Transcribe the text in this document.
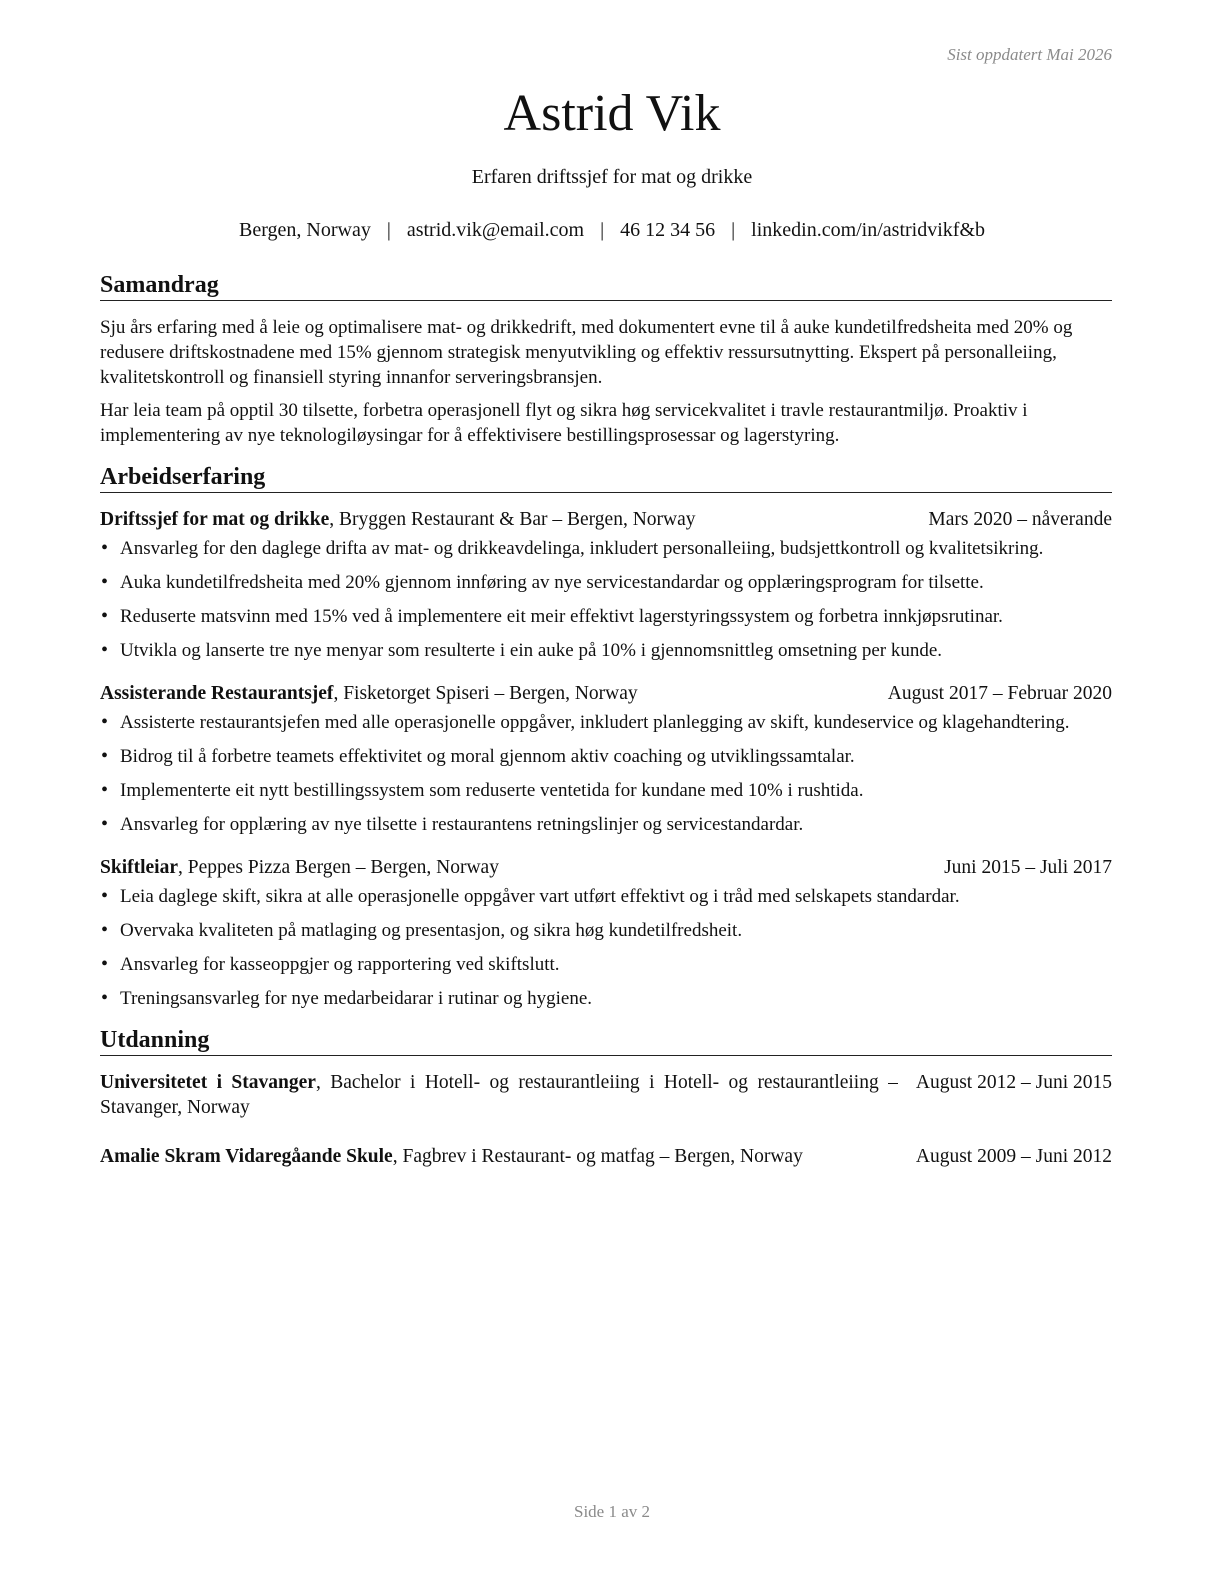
Sist oppdatert Mai 2026
Astrid Vik
Erfaren driftssjef for mat og drikke
Bergen, Norway | astrid.vik@email.com | 46 12 34 56 | linkedin.com/in/astridvikf&b
Samandrag

Sju års erfaring med å leie og optimalisere mat- og drikkedrift, med dokumentert evne til å auke kundetilfredsheita med 20% og redusere driftskostnadene med 15% gjennom strategisk menyutvikling og effektiv ressursutnytting. Ekspert på personalleiing, kvalitetskontroll og finansiell styring innanfor serveringsbransjen.

Har leia team på opptil 30 tilsette, forbetra operasjonell flyt og sikra høg servicekvalitet i travle restaurantmiljø. Proaktiv i implementering av nye teknologiløysingar for å effektivisere bestillingsprosessar og lagerstyring.

Arbeidserfaring
Driftssjef for mat og drikke, Bryggen Restaurant & Bar – Bergen, Norway	Mars 2020 – nåverande
• Ansvarleg for den daglege drifta av mat- og drikkeavdelinga, inkludert personalleiing, budsjettkontroll og kvalitetsikring.
• Auka kundetilfredsheita med 20% gjennom innføring av nye servicestandardar og opplæringsprogram for tilsette.
• Reduserte matsvinn med 15% ved å implementere eit meir effektivt lagerstyringssystem og forbetra innkjøpsrutinar.
• Utvikla og lanserte tre nye menyar som resulterte i ein auke på 10% i gjennomsnittleg omsetning per kunde.
Assisterande Restaurantsjef, Fisketorget Spiseri – Bergen, Norway	August 2017 – Februar 2020
• Assisterte restaurantsjefen med alle operasjonelle oppgåver, inkludert planlegging av skift, kundeservice og klagehandtering.
• Bidrog til å forbetre teamets effektivitet og moral gjennom aktiv coaching og utviklingssamtalar.
• Implementerte eit nytt bestillingssystem som reduserte ventetida for kundane med 10% i rushtida.
• Ansvarleg for opplæring av nye tilsette i restaurantens retningslinjer og servicestandardar.
Skiftleiar, Peppes Pizza Bergen – Bergen, Norway	Juni 2015 – Juli 2017
• Leia daglege skift, sikra at alle operasjonelle oppgåver vart utført effektivt og i tråd med selskapets standardar.
• Overvaka kvaliteten på matlaging og presentasjon, og sikra høg kundetilfredsheit.
• Ansvarleg for kasseoppgjer og rapportering ved skiftslutt.
• Treningsansvarleg for nye medarbeidarar i rutinar og hygiene.
Utdanning
Universitetet i Stavanger, Bachelor i Hotell- og restaurantleiing i Hotell- og restaurantleiing – Stavanger, Norway
August 2012 – Juni 2015
Amalie Skram Vidaregåande Skule, Fagbrev i Restaurant- og matfag – Bergen, Norway	August 2009 – Juni 2012
Side 1 av 2
